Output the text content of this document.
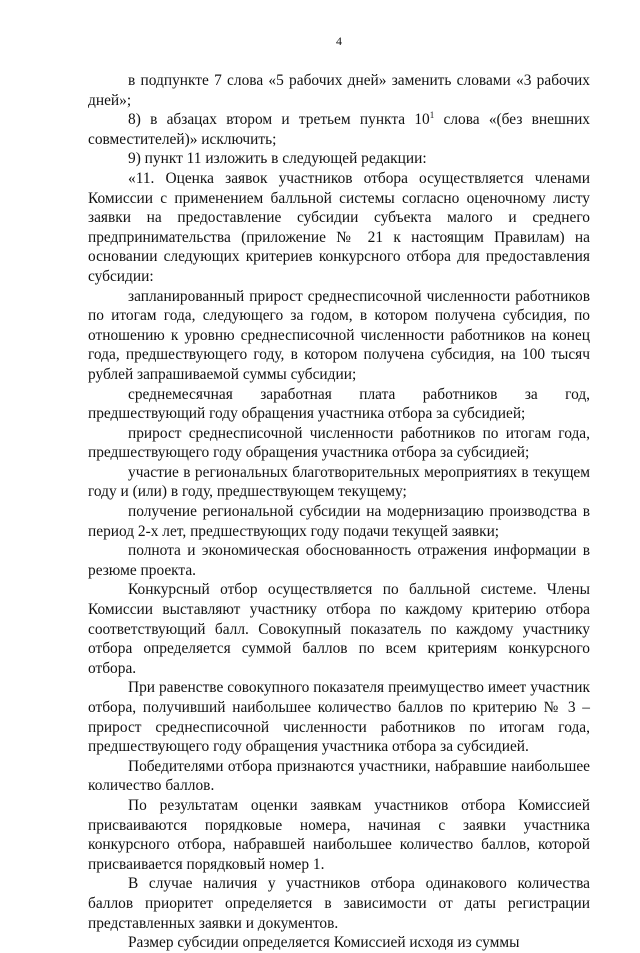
4

в подпункте 7 слова «5 рабочих дней» заменить словами «3 рабочих дней»;

8) в абзацах втором и третьем пункта $10^1$ слова «(без внешних совместителей)» исключить;

9) пункт 11 изложить в следующей редакции:

«11. Оценка заявок участников отбора осуществляется членами Комиссии с применением балльной системы согласно оценочному листу заявки на предоставление субсидии субъекта малого и среднего предпринимательства (приложение № 21 к настоящим Правилам) на основании следующих критериев конкурсного отбора для предоставления субсидии:

запланированный прирост среднесписочной численности работников по итогам года, следующего за годом, в котором получена субсидия, по отношению к уровню среднесписочной численности работников на конец года, предшествующего году, в котором получена субсидия, на 100 тысяч рублей запрашиваемой суммы субсидии;

среднемесячная заработная плата работников за год, предшествующий году обращения участника отбора за субсидией;

прирост среднесписочной численности работников по итогам года, предшествующего году обращения участника отбора за субсидией;

участие в региональных благотворительных мероприятиях в текущем году и (или) в году, предшествующем текущему;

получение региональной субсидии на модернизацию производства в период 2-х лет, предшествующих году подачи текущей заявки;

полнота и экономическая обоснованность отражения информации в резюме проекта.

Конкурсный отбор осуществляется по балльной системе. Члены Комиссии выставляют участнику отбора по каждому критерию отбора соответствующий балл. Совокупный показатель по каждому участнику отбора определяется суммой баллов по всем критериям конкурсного отбора.

При равенстве совокупного показателя преимущество имеет участник отбора, получивший наибольшее количество баллов по критерию № 3 – прирост среднесписочной численности работников по итогам года, предшествующего году обращения участника отбора за субсидией.

Победителями отбора признаются участники, набравшие наибольшее количество баллов.

По результатам оценки заявкам участников отбора Комиссией присваиваются порядковые номера, начиная с заявки участника конкурсного отбора, набравшей наибольшее количество баллов, которой присваивается порядковый номер 1.

В случае наличия у участников отбора одинакового количества баллов приоритет определяется в зависимости от даты регистрации представленных заявки и документов.

Размер субсидии определяется Комиссией исходя из суммы
